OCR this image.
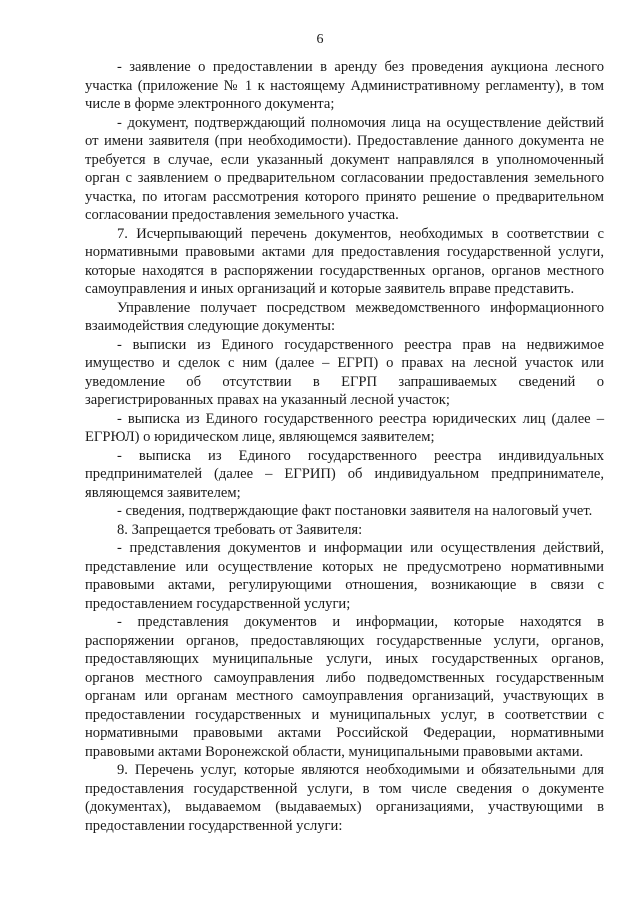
6

- заявление о предоставлении в аренду без проведения аукциона лесного участка (приложение № 1 к настоящему Административному регламенту), в том числе в форме электронного документа;

- документ, подтверждающий полномочия лица на осуществление действий от имени заявителя (при необходимости). Предоставление данного документа не требуется в случае, если указанный документ направлялся в уполномоченный орган с заявлением о предварительном согласовании предоставления земельного участка, по итогам рассмотрения которого принято решение о предварительном согласовании предоставления земельного участка.

7. Исчерпывающий перечень документов, необходимых в соответствии с нормативными правовыми актами для предоставления государственной услуги, которые находятся в распоряжении государственных органов, органов местного самоуправления и иных организаций и которые заявитель вправе представить.

Управление получает посредством межведомственного информационного взаимодействия следующие документы:

- выписки из Единого государственного реестра прав на недвижимое имущество и сделок с ним (далее – ЕГРП) о правах на лесной участок или уведомление об отсутствии в ЕГРП запрашиваемых сведений о зарегистрированных правах на указанный лесной участок;

- выписка из Единого государственного реестра юридических лиц (далее – ЕГРЮЛ) о юридическом лице, являющемся заявителем;

- выписка из Единого государственного реестра индивидуальных предпринимателей (далее – ЕГРИП) об индивидуальном предпринимателе, являющемся заявителем;

- сведения, подтверждающие факт постановки заявителя на налоговый учет.

8. Запрещается требовать от Заявителя:

- представления документов и информации или осуществления действий, представление или осуществление которых не предусмотрено нормативными правовыми актами, регулирующими отношения, возникающие в связи с предоставлением государственной услуги;

- представления документов и информации, которые находятся в распоряжении органов, предоставляющих государственные услуги, органов, предоставляющих муниципальные услуги, иных государственных органов, органов местного самоуправления либо подведомственных государственным органам или органам местного самоуправления организаций, участвующих в предоставлении государственных и муниципальных услуг, в соответствии с нормативными правовыми актами Российской Федерации, нормативными правовыми актами Воронежской области, муниципальными правовыми актами.

9. Перечень услуг, которые являются необходимыми и обязательными для предоставления государственной услуги, в том числе сведения о документе (документах), выдаваемом (выдаваемых) организациями, участвующими в предоставлении государственной услуги:
